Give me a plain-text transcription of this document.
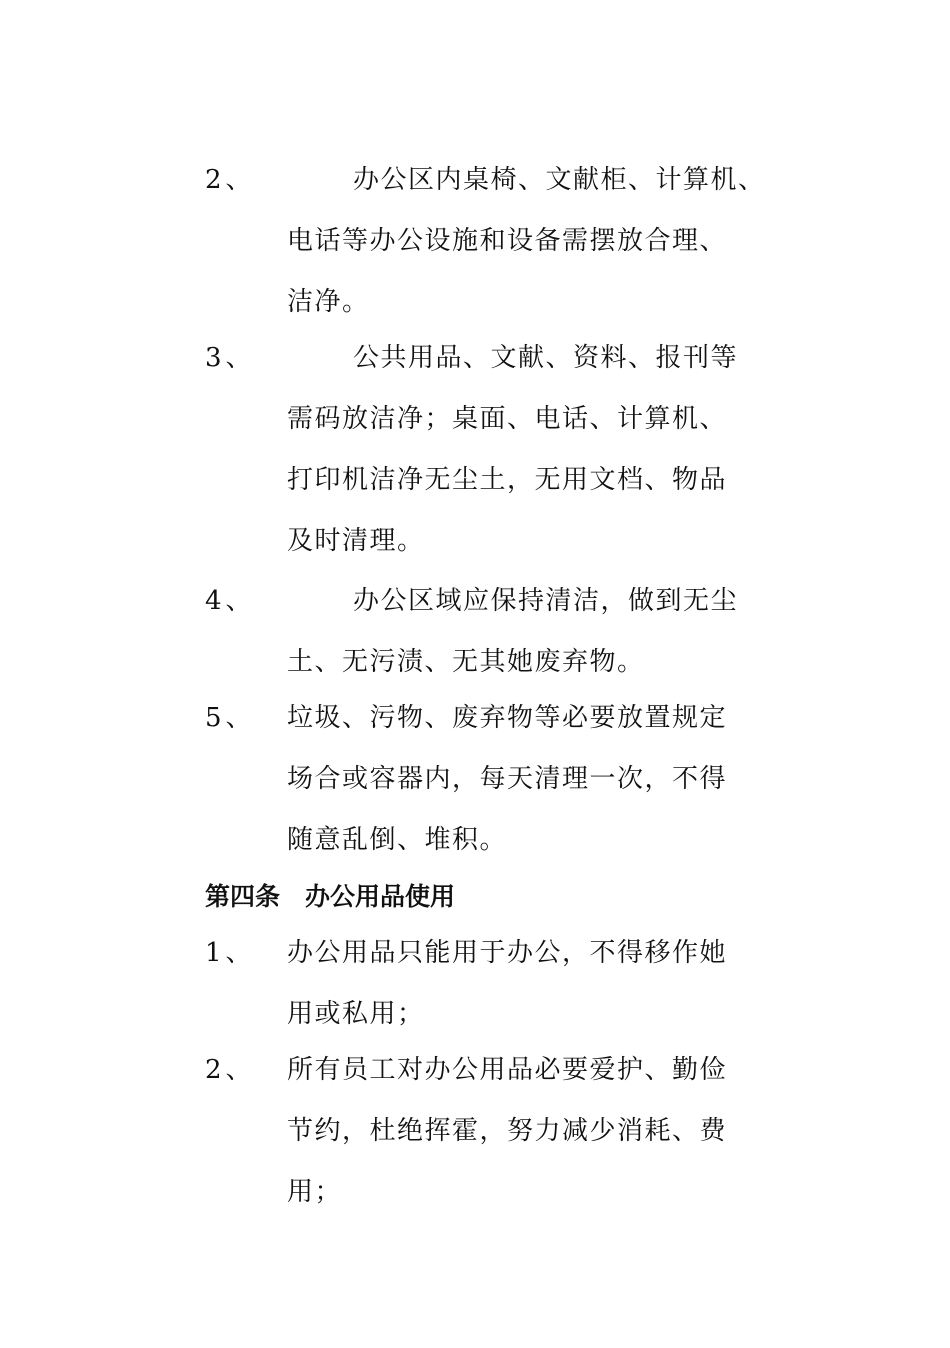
2、	办公区内桌椅、文献柜、计算机、
电话等办公设施和设备需摆放合理、
洁净。
3、	公共用品、文献、资料、报刊等
需码放洁净；桌面、电话、计算机、
打印机洁净无尘土，无用文档、物品
及时清理。
4、	办公区域应保持清洁，做到无尘
土、无污渍、无其她废弃物。
5、	垃圾、污物、废弃物等必要放置规定
场合或容器内，每天清理一次，不得
随意乱倒、堆积。
第四条　办公用品使用
1、	办公用品只能用于办公，不得移作她
用或私用；
2、	所有员工对办公用品必要爱护、勤俭
节约，杜绝挥霍，努力减少消耗、费
用；
